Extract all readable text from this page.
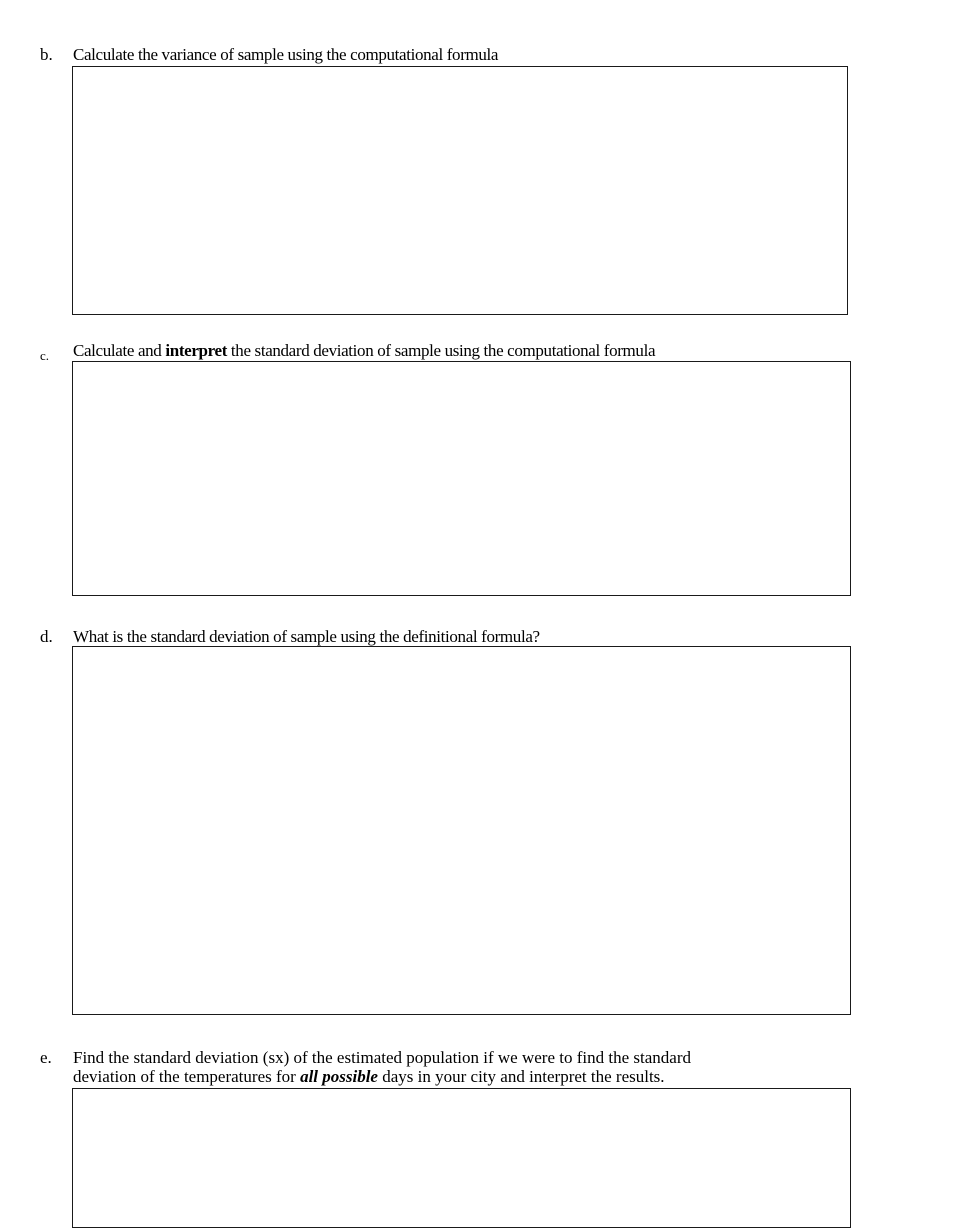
b. Calculate the variance of sample using the computational formula
c. Calculate and interpret the standard deviation of sample using the computational formula
d. What is the standard deviation of sample using the definitional formula?
e. Find the standard deviation (sx) of the estimated population if we were to find the standard
deviation of the temperatures for all possible days in your city and interpret the results.
